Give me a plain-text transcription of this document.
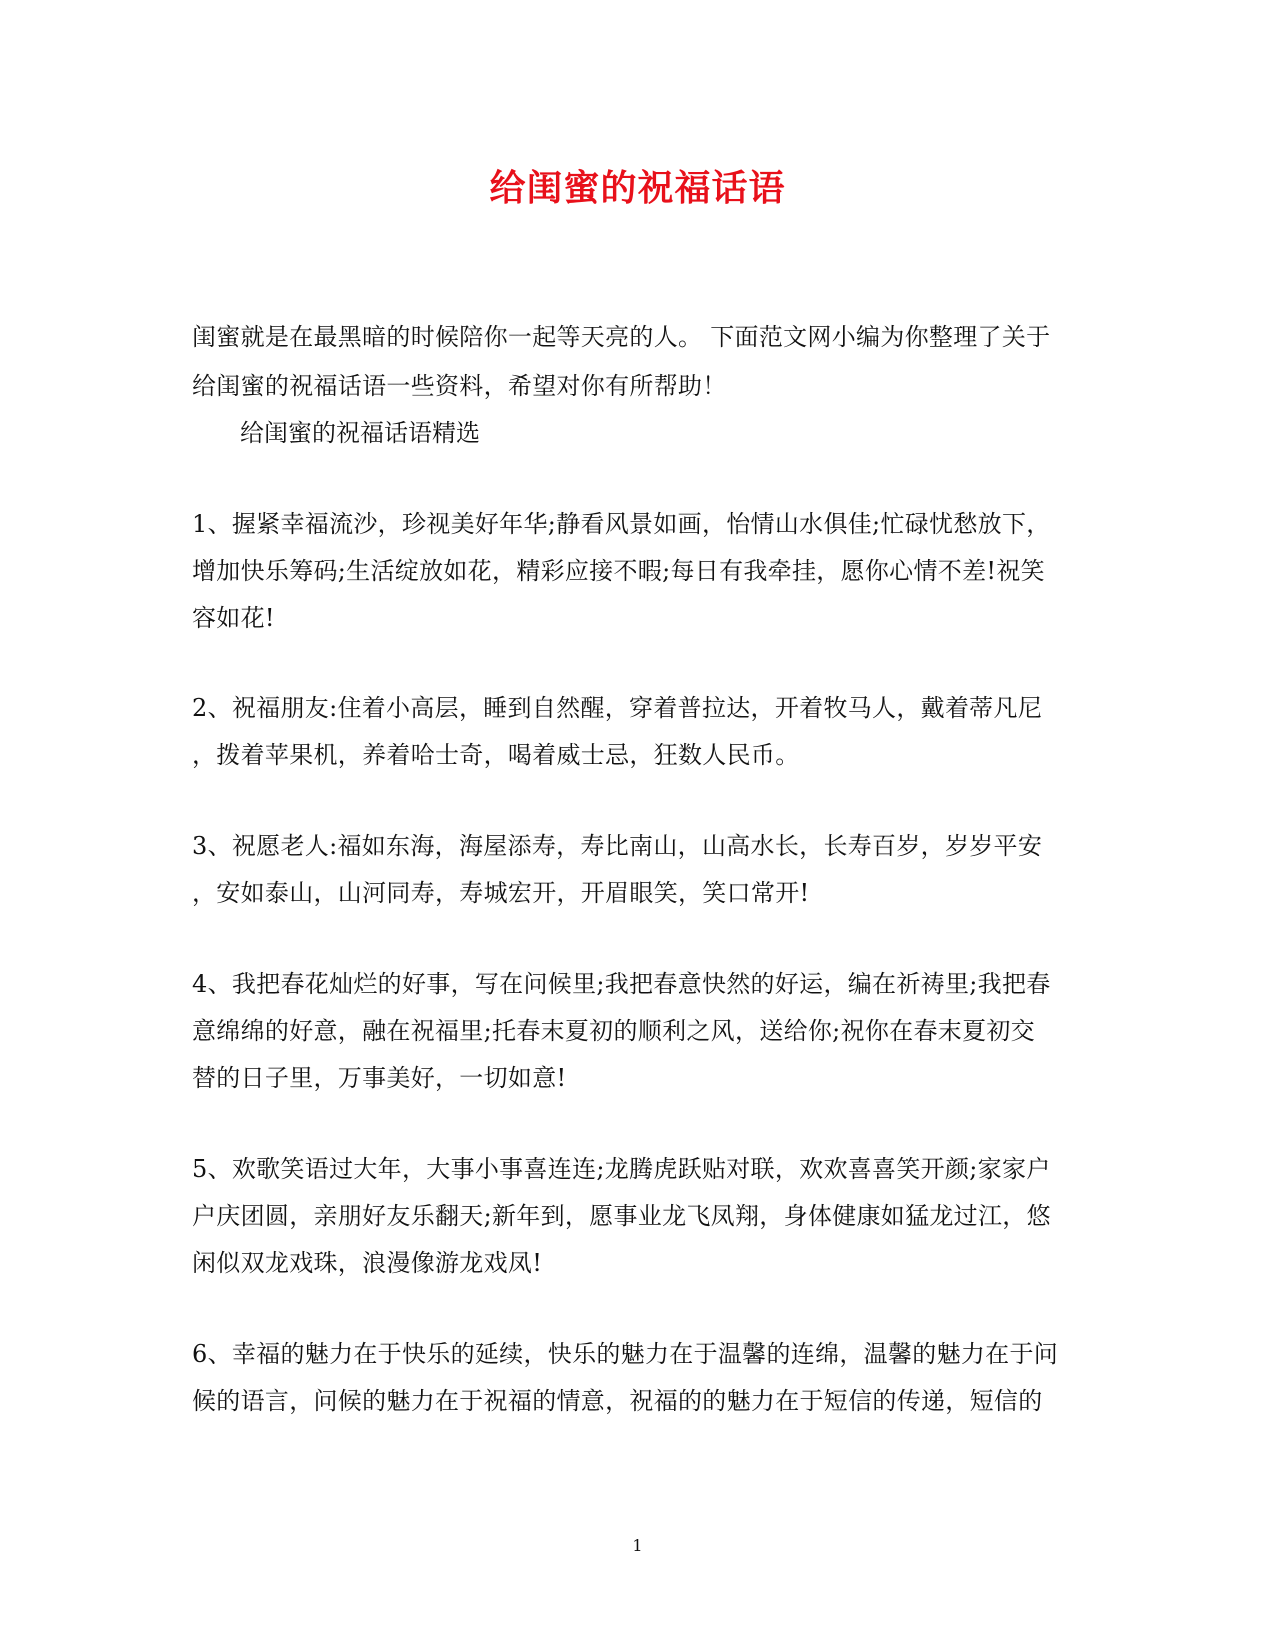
给闺蜜的祝福话语
闺蜜就是在最黑暗的时候陪你一起等天亮的人。 下面范文网小编为你整理了关于
给闺蜜的祝福话语一些资料，希望对你有所帮助！
给闺蜜的祝福话语精选
1、握紧幸福流沙，珍视美好年华;静看风景如画，怡情山水俱佳;忙碌忧愁放下，
增加快乐筹码;生活绽放如花，精彩应接不暇;每日有我牵挂，愿你心情不差!祝笑
容如花!
2、祝福朋友:住着小高层，睡到自然醒，穿着普拉达，开着牧马人，戴着蒂凡尼
，拨着苹果机，养着哈士奇，喝着威士忌，狂数人民币。
3、祝愿老人:福如东海，海屋添寿，寿比南山，山高水长，长寿百岁，岁岁平安
，安如泰山，山河同寿，寿城宏开，开眉眼笑，笑口常开!
4、我把春花灿烂的好事，写在问候里;我把春意快然的好运，编在祈祷里;我把春
意绵绵的好意，融在祝福里;托春末夏初的顺利之风，送给你;祝你在春末夏初交
替的日子里，万事美好，一切如意!
5、欢歌笑语过大年，大事小事喜连连;龙腾虎跃贴对联，欢欢喜喜笑开颜;家家户
户庆团圆，亲朋好友乐翻天;新年到，愿事业龙飞凤翔，身体健康如猛龙过江，悠
闲似双龙戏珠，浪漫像游龙戏凤!
6、幸福的魅力在于快乐的延续，快乐的魅力在于温馨的连绵，温馨的魅力在于问
候的语言，问候的魅力在于祝福的情意，祝福的的魅力在于短信的传递，短信的
1
